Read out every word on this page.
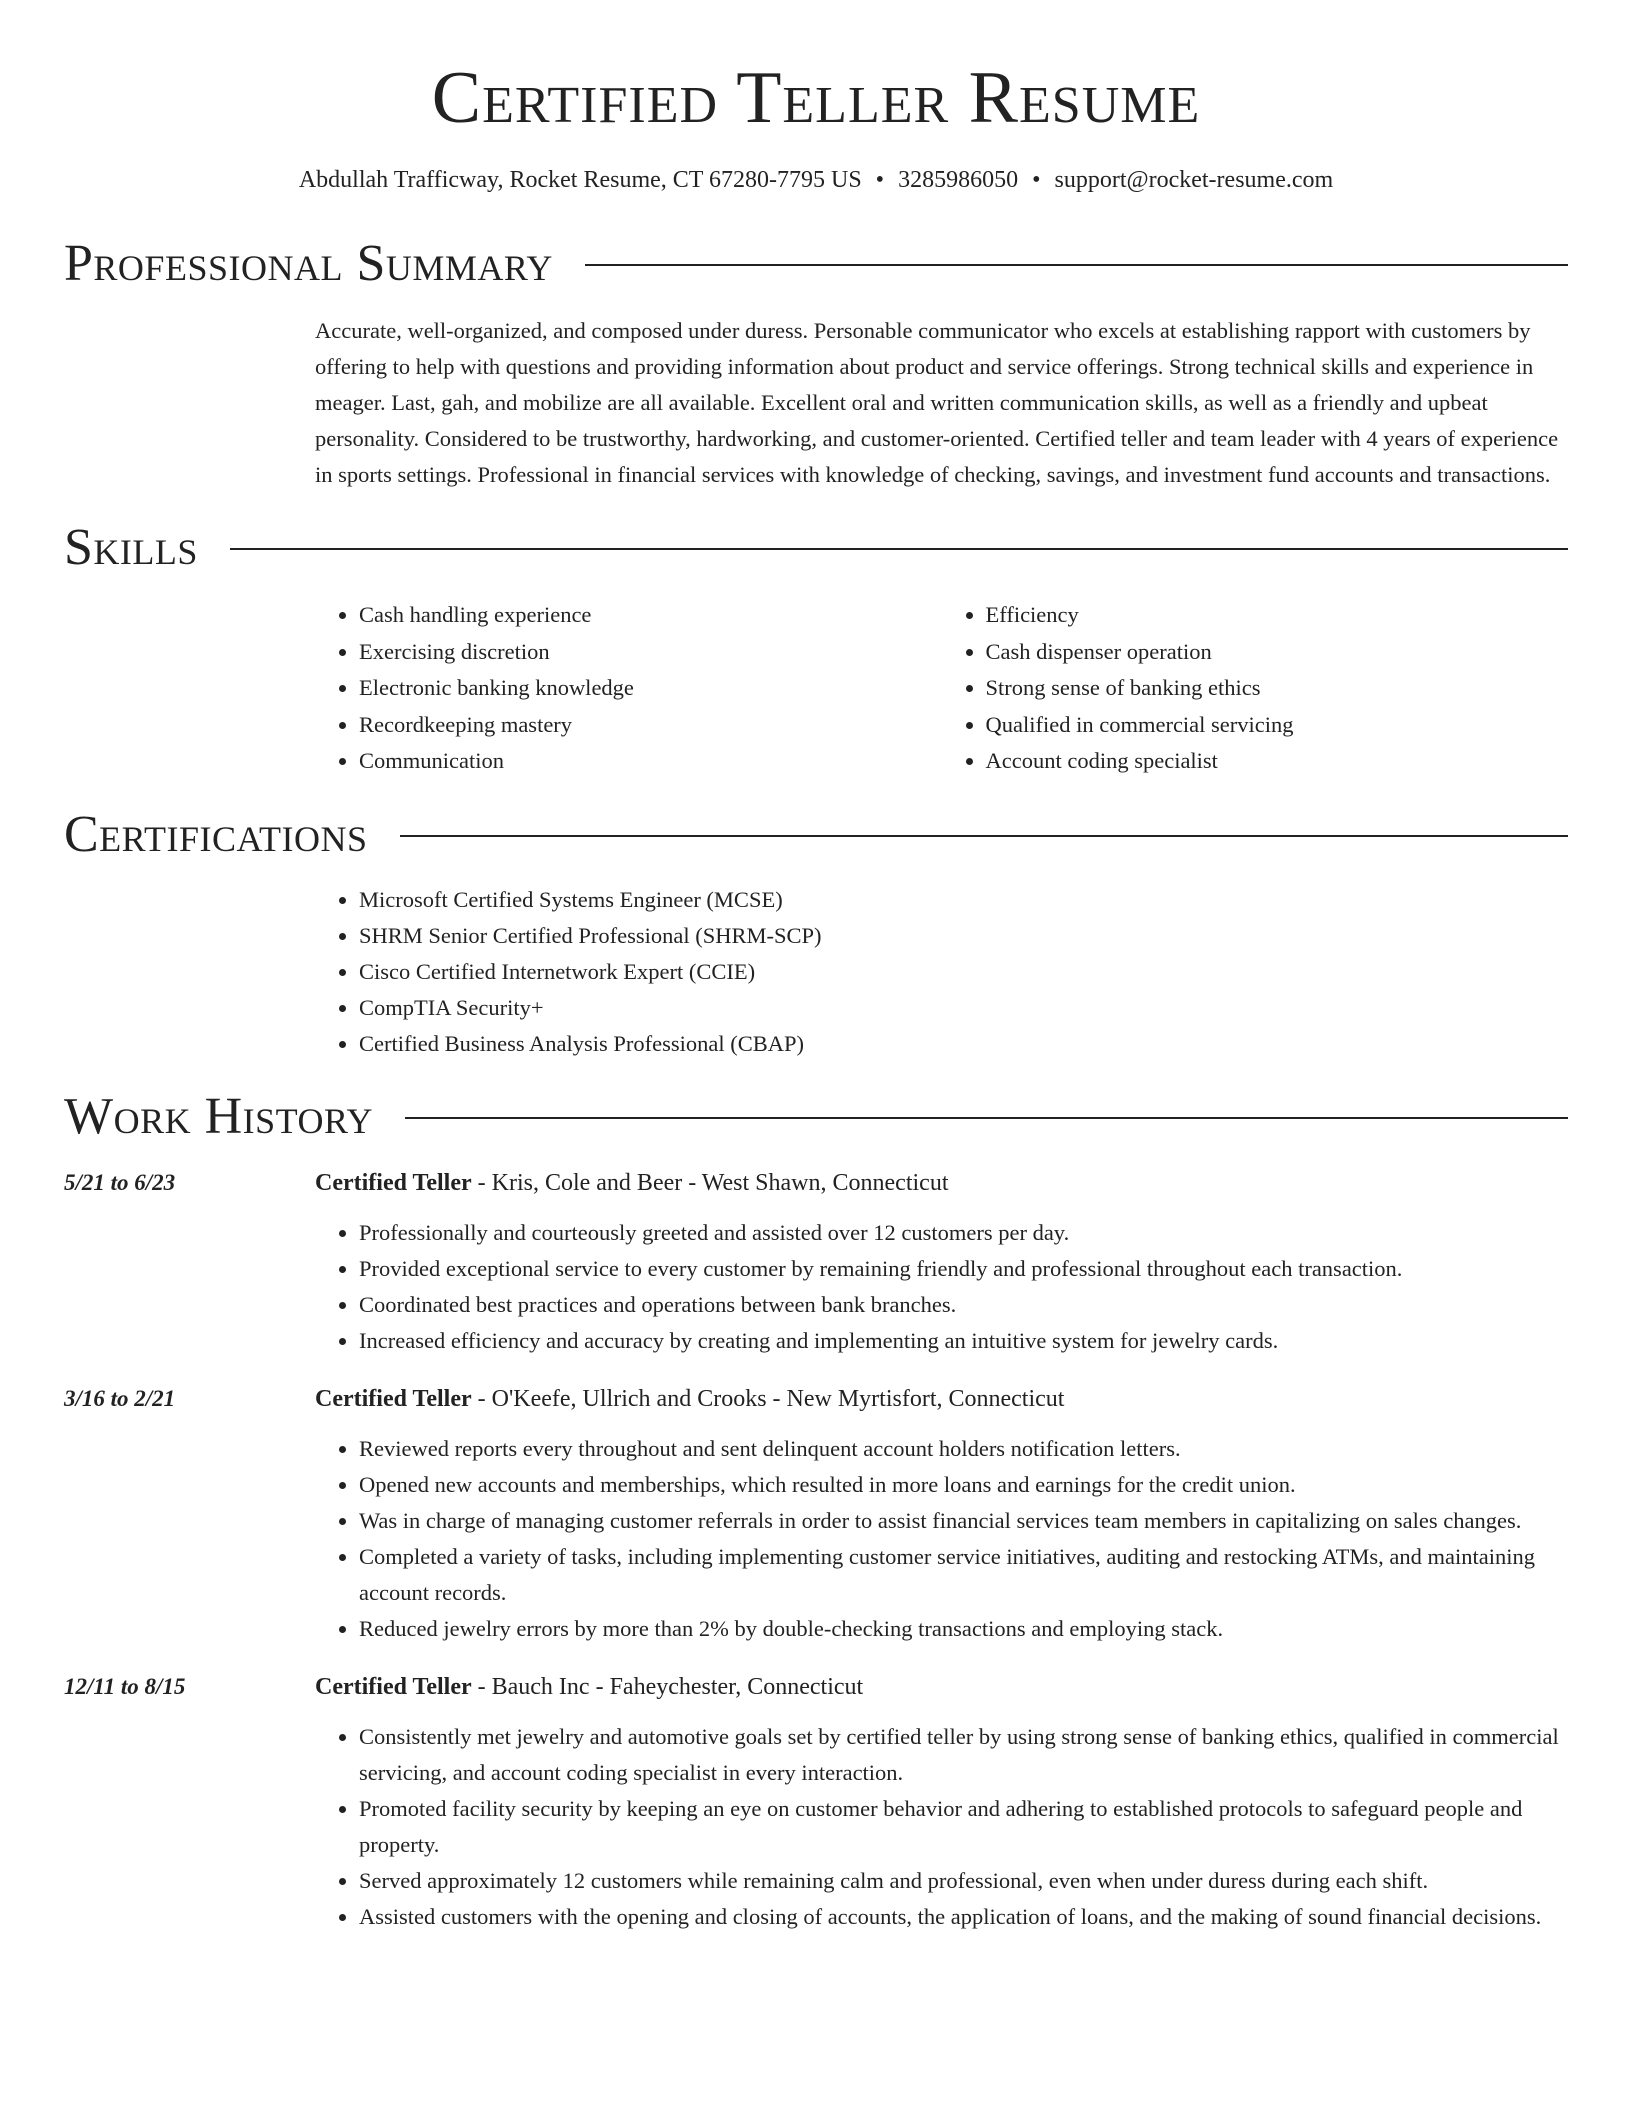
Certified Teller Resume
Abdullah Trafficway, Rocket Resume, CT 67280-7795 US • 3285986050 • support@rocket-resume.com
Professional Summary
Accurate, well-organized, and composed under duress. Personable communicator who excels at establishing rapport with customers by offering to help with questions and providing information about product and service offerings. Strong technical skills and experience in meager. Last, gah, and mobilize are all available. Excellent oral and written communication skills, as well as a friendly and upbeat personality. Considered to be trustworthy, hardworking, and customer-oriented. Certified teller and team leader with 4 years of experience in sports settings. Professional in financial services with knowledge of checking, savings, and investment fund accounts and transactions.
Skills
• Cash handling experience
• Exercising discretion
• Electronic banking knowledge
• Recordkeeping mastery
• Communication
• Efficiency
• Cash dispenser operation
• Strong sense of banking ethics
• Qualified in commercial servicing
• Account coding specialist
Certifications
• Microsoft Certified Systems Engineer (MCSE)
• SHRM Senior Certified Professional (SHRM-SCP)
• Cisco Certified Internetwork Expert (CCIE)
• CompTIA Security+
• Certified Business Analysis Professional (CBAP)
Work History
5/21 to 6/23	Certified Teller - Kris, Cole and Beer - West Shawn, Connecticut
• Professionally and courteously greeted and assisted over 12 customers per day.
• Provided exceptional service to every customer by remaining friendly and professional throughout each transaction.
• Coordinated best practices and operations between bank branches.
• Increased efficiency and accuracy by creating and implementing an intuitive system for jewelry cards.
3/16 to 2/21	Certified Teller - O'Keefe, Ullrich and Crooks - New Myrtisfort, Connecticut
• Reviewed reports every throughout and sent delinquent account holders notification letters.
• Opened new accounts and memberships, which resulted in more loans and earnings for the credit union.
• Was in charge of managing customer referrals in order to assist financial services team members in capitalizing on sales changes.
• Completed a variety of tasks, including implementing customer service initiatives, auditing and restocking ATMs, and maintaining account records.
• Reduced jewelry errors by more than 2% by double-checking transactions and employing stack.
12/11 to 8/15	Certified Teller - Bauch Inc - Faheychester, Connecticut
• Consistently met jewelry and automotive goals set by certified teller by using strong sense of banking ethics, qualified in commercial servicing, and account coding specialist in every interaction.
• Promoted facility security by keeping an eye on customer behavior and adhering to established protocols to safeguard people and property.
• Served approximately 12 customers while remaining calm and professional, even when under duress during each shift.
• Assisted customers with the opening and closing of accounts, the application of loans, and the making of sound financial decisions.
